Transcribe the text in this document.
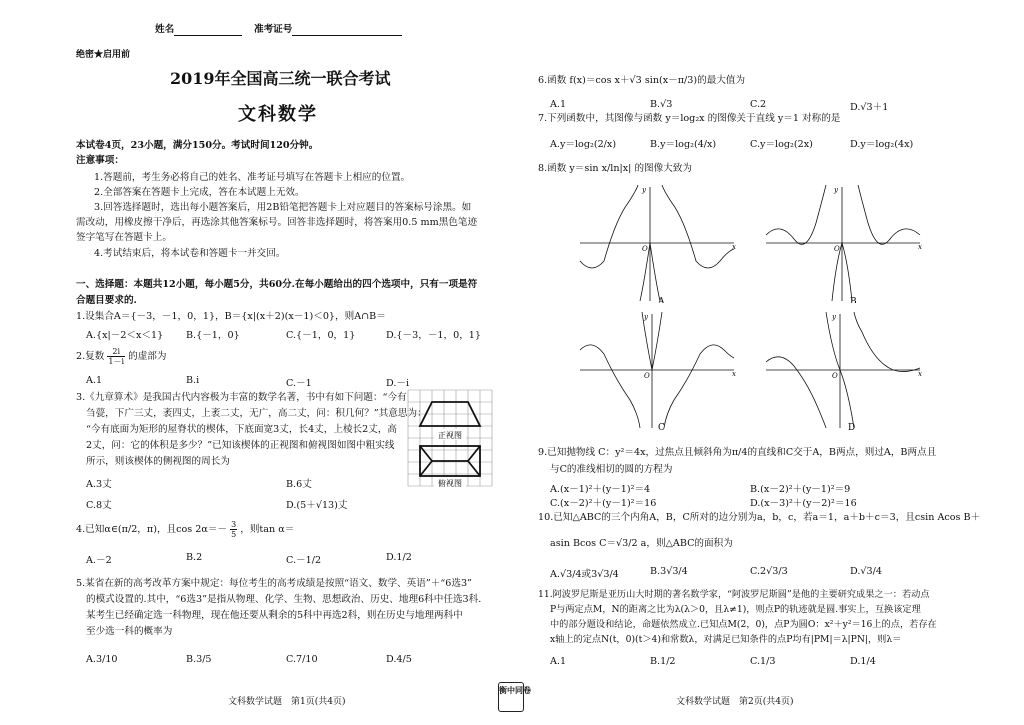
姓名	准考证号
绝密★启用前
2019年全国高三统一联合考试
文科数学
本试卷4页，23小题，满分150分。考试时间120分钟。
注意事项：
1.答题前，考生务必将自己的姓名、准考证号填写在答题卡上相应的位置。
2.全部答案在答题卡上完成，答在本试题上无效。
3.回答选择题时，选出每小题答案后，用2B铅笔把答题卡上对应题目的答案标号涂黑。如
需改动，用橡皮擦干净后，再选涂其他答案标号。回答非选择题时，将答案用0.5 mm黑色笔迹
签字笔写在答题卡上。
4.考试结束后，将本试卷和答题卡一并交回。
一、选择题：本题共12小题，每小题5分，共60分.在每小题给出的四个选项中，只有一项是符
合题目要求的.
1.设集合A＝{－3，－1，0，1}，B＝{x|(x＋2)(x－1)＜0}，则A∩B＝
A.{x|－2＜x＜1} B.{－1，0}	C.{－1，0，1}	D.{－3，－1，0，1}
2.复数 $\frac{2i}{1-i}$ 的虚部为
A.1	B.i	C.－1	D.－i
3.《九章算术》是我国古代内容极为丰富的数学名著，书中有如下问题：“今有
刍甍，下广三丈，袤四丈，上袤二丈，无广，高二丈，问：积几何？”其意思为：
“今有底面为矩形的屋脊状的楔体，下底面宽3丈，长4丈，上棱长2丈，高
2丈，问：它的体积是多少？”已知该楔体的正视图和俯视图如图中粗实线
所示，则该楔体的侧视图的周长为
正视图
俯视图
A.3丈	B.6丈
C.8丈	D.(5＋√13)丈
4.已知α∈(π/2，π)，且$\cos 2\alpha=- \frac{3}{5}$ ，则tan α＝
A.－2	B.2	C.－1/2	D.1/2
5.某省在新的高考改革方案中规定：每位考生的高考成绩是按照“语文、数学、英语”＋“6选3”
的模式设置的.其中，“6选3”是指从物理、化学、生物、思想政治、历史、地理6科中任选3科.
某考生已经确定选一科物理，现在他还要从剩余的5科中再选2科，则在历史与地理两科中
至少选一科的概率为
A.3/10	B.3/5	C.7/10	D.4/5
文科数学试题　第1页(共4页)
衡中同卷
6.函数 f(x)＝cos x＋√3 sin(x－π/3)的最大值为
A.1	B.√3	C.2	D.√3＋1
7.下列函数中，其图像与函数 y＝log₂x 的图像关于直线 y＝1 对称的是
A.y＝log₂(2/x)	B.y＝log₂(4/x)	C.y＝log₂(2x)	D.y＝log₂(4x)
8.函数 y＝sin x/ln|x| 的图像大致为
O	x
y
A
O	x
y
B
O	x
y
C
O	x
y
D
9.已知抛物线 C：y²＝4x，过焦点且倾斜角为π/4的直线和C交于A，B两点，则过A，B两点且
与C的准线相切的圆的方程为
A.(x－1)²＋(y－1)²＝4	B.(x－2)²＋(y－1)²＝9
C.(x－2)²＋(y－1)²＝16	D.(x－3)²＋(y－2)²＝16
10.已知△ABC的三个内角A，B，C所对的边分别为a，b，c，若a＝1，a＋b＋c＝3，且csin Acos B＋
asin Bcos C＝√3/2 a，则△ABC的面积为
A.√3/4或3√3/4	B.3√3/4	C.2√3/3	D.√3/4
11.阿波罗尼斯是亚历山大时期的著名数学家，“阿波罗尼斯圆”是他的主要研究成果之一：若动点
P与两定点M，N的距离之比为λ(λ＞0，且λ≠1)，则点P的轨迹就是圆.事实上，互换该定理
中的部分题设和结论，命题依然成立.已知点M(2，0)，点P为圆O：x²＋y²＝16上的点，若存在
x轴上的定点N(t，0)(t＞4)和常数λ，对满足已知条件的点P均有|PM|＝λ|PN|，则λ＝
A.1	B.1/2	C.1/3	D.1/4
文科数学试题　第2页(共4页)
